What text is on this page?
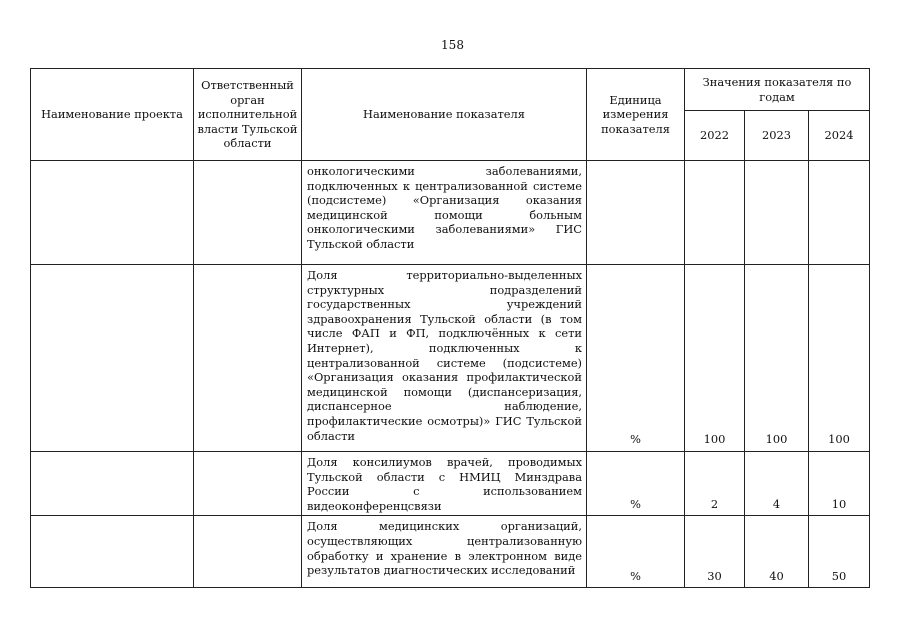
158
Наименование проекта	Ответственный орган исполнительной власти Тульской области	Наименование показателя	Единица измерения показателя	Значения показателя по годам		
				2022	2023	2024
		онкологическими заболеваниями, подключенных к централизованной системе (подсистеме) «Организация оказания медицинской помощи больным онкологическими заболеваниями» ГИС Тульской области				
		Доля территориально-выделенных структурных подразделений государственных учреждений здравоохранения Тульской области (в том числе ФАП и ФП, подключённых к сети Интернет), подключенных к централизованной системе (подсистеме) «Организация оказания профилактической медицинской помощи (диспансеризация, диспансерное наблюдение, профилактические осмотры)» ГИС Тульской области	%	100	100	100
		Доля консилиумов врачей, проводимых Тульской области с НМИЦ Минздрава России с использованием видеоконференцсвязи	%	2	4	10
		Доля медицинских организаций, осуществляющих централизованную обработку и хранение в электронном виде результатов диагностических исследований	%	30	40	50
